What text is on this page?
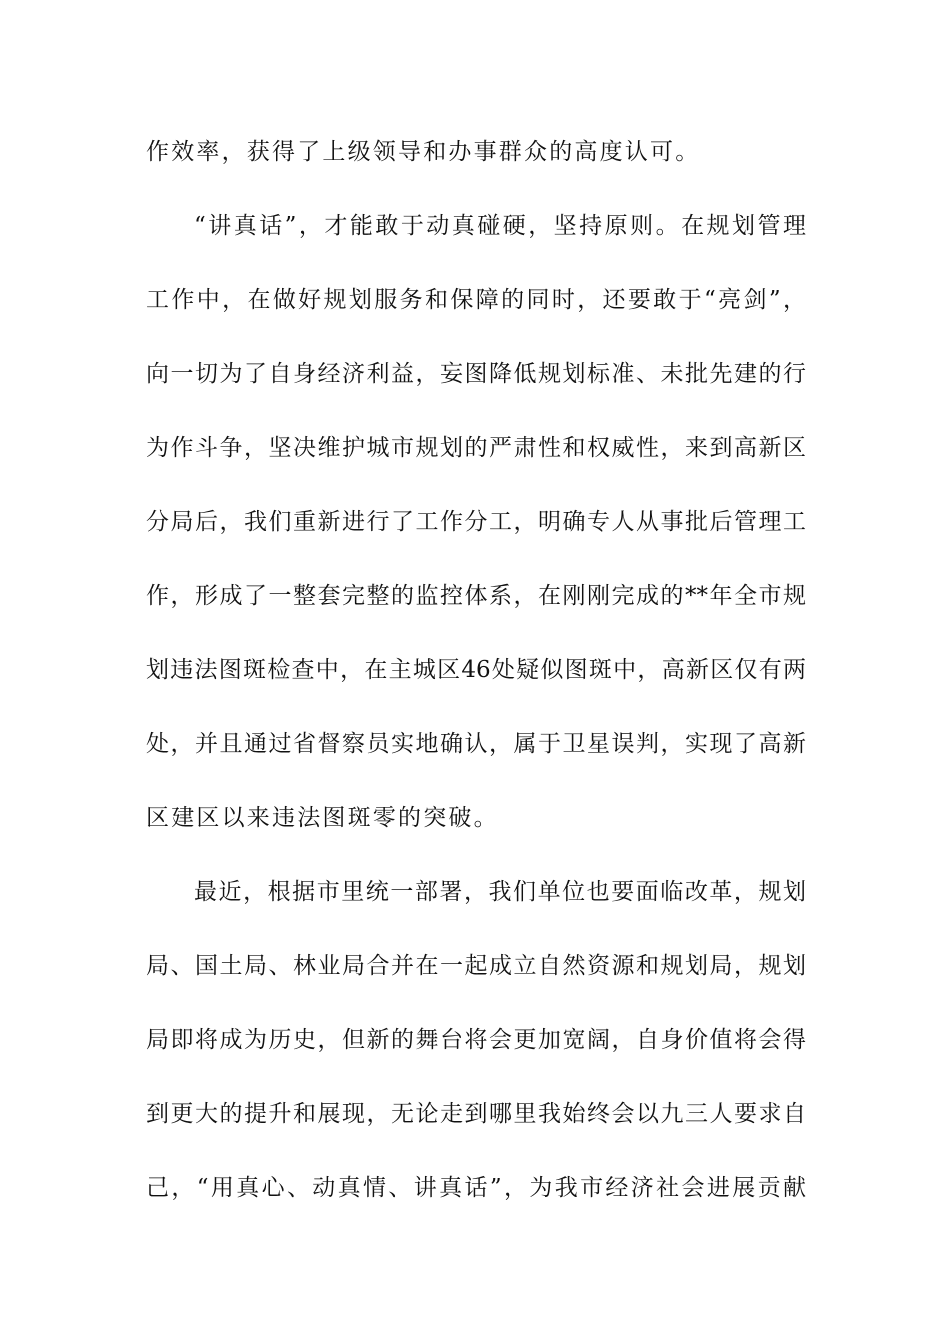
作效率，获得了上级领导和办事群众的高度认可。
“讲真话”，才能敢于动真碰硬，坚持原则。在规划管理
工作中，在做好规划服务和保障的同时，还要敢于“亮剑”，
向一切为了自身经济利益，妄图降低规划标准、未批先建的行
为作斗争，坚决维护城市规划的严肃性和权威性，来到高新区
分局后，我们重新进行了工作分工，明确专人从事批后管理工
作，形成了一整套完整的监控体系，在刚刚完成的**年全市规
划违法图斑检查中，在主城区46处疑似图斑中，高新区仅有两
处，并且通过省督察员实地确认，属于卫星误判，实现了高新
区建区以来违法图斑零的突破。
最近，根据市里统一部署，我们单位也要面临改革，规划
局、国土局、林业局合并在一起成立自然资源和规划局，规划
局即将成为历史，但新的舞台将会更加宽阔，自身价值将会得
到更大的提升和展现，无论走到哪里我始终会以九三人要求自
己，“用真心、动真情、讲真话”，为我市经济社会进展贡献
